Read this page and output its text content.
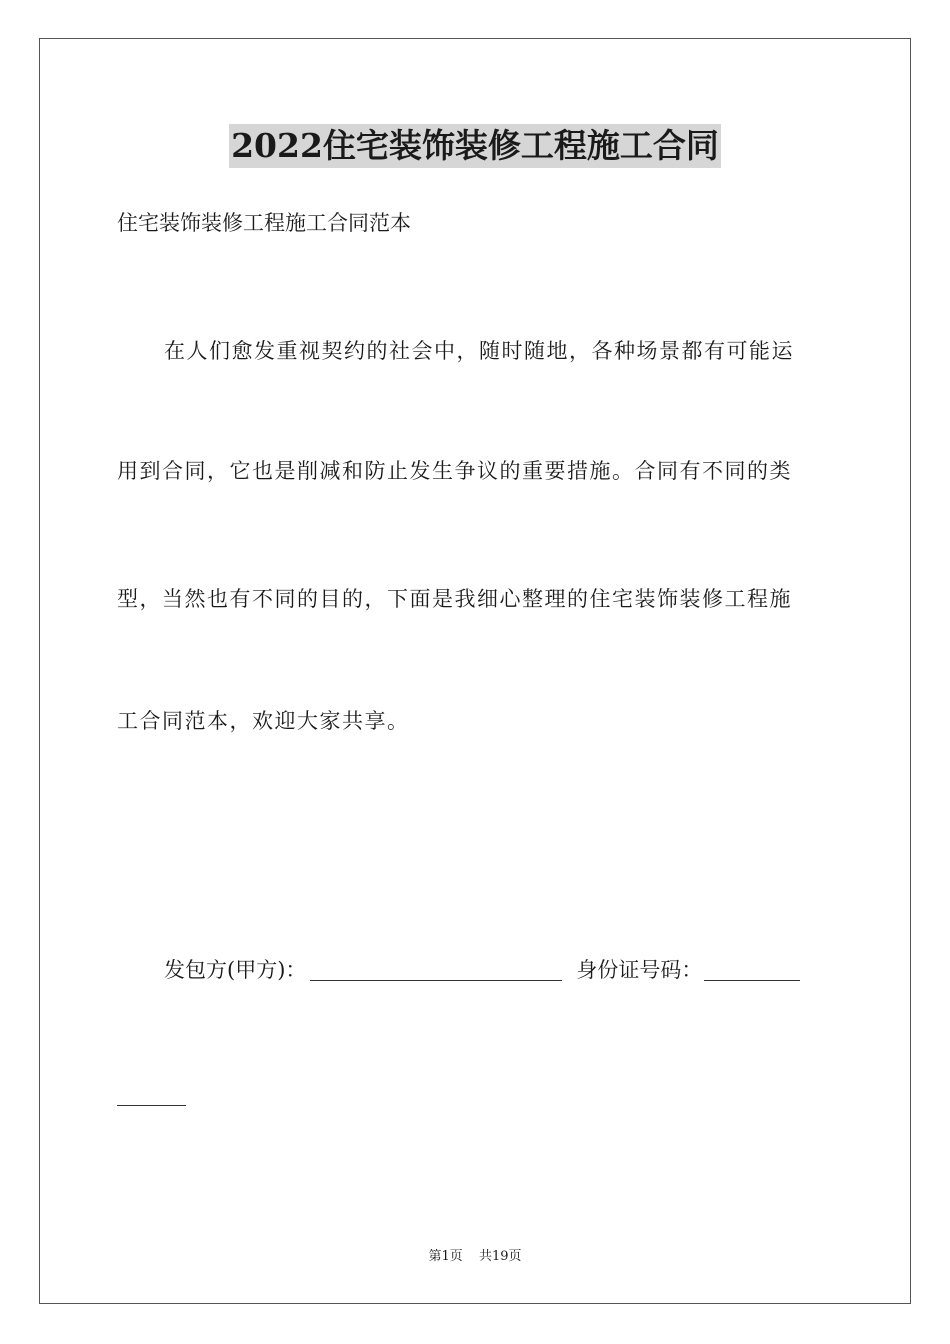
2022住宅装饰装修工程施工合同
住宅装饰装修工程施工合同范本
在人们愈发重视契约的社会中，随时随地，各种场景都有可能运
用到合同，它也是削减和防止发生争议的重要措施。合同有不同的类
型，当然也有不同的目的，下面是我细心整理的住宅装饰装修工程施
工合同范本，欢迎大家共享。
发包方(甲方)：	身份证号码：
第1页 共19页
